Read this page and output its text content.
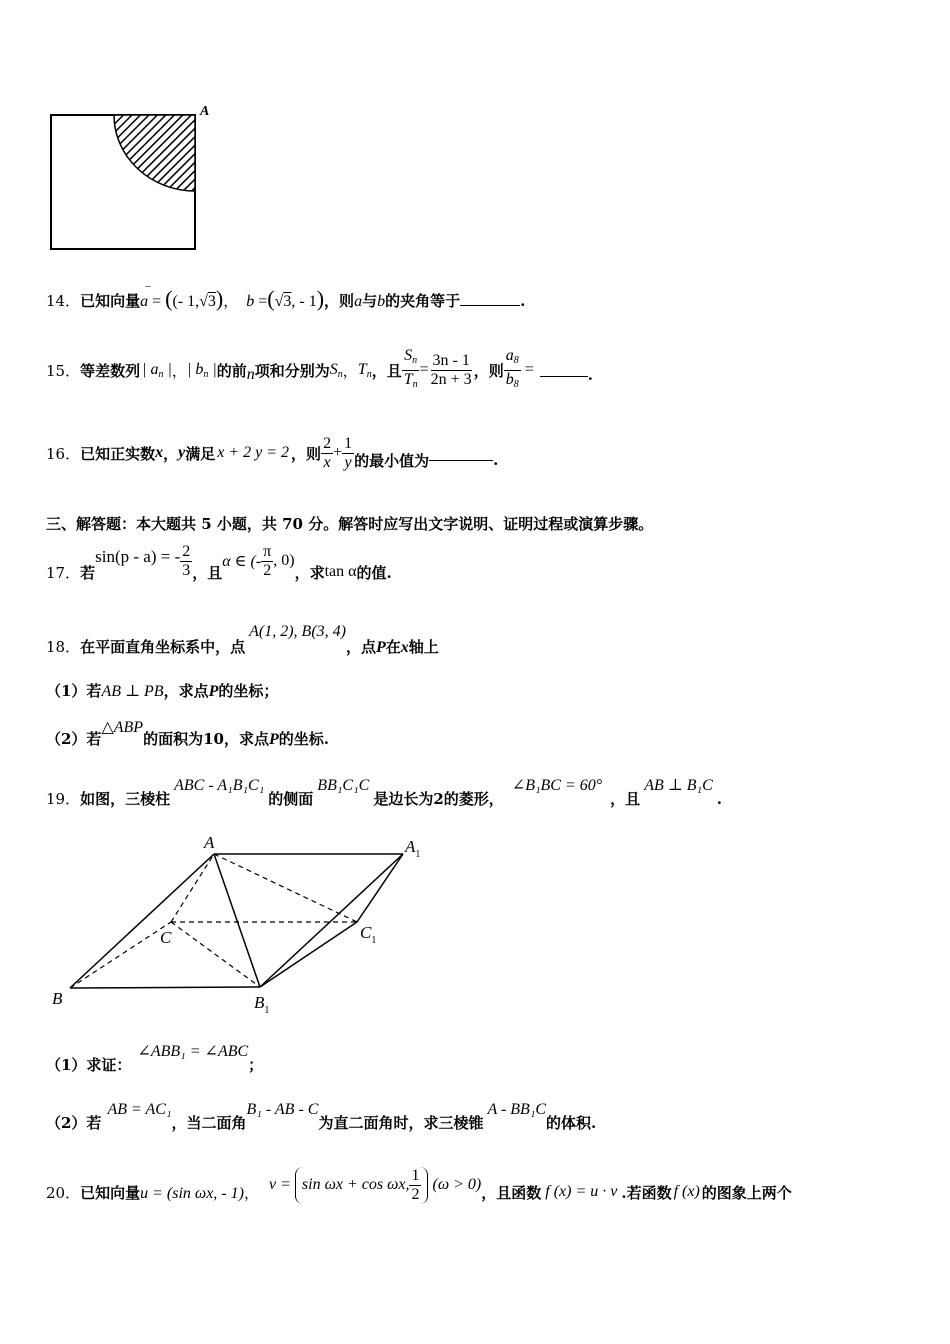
A
14．已知向量
−
a = ((- 1,√3)， b =(√3, - 1)，则a与b的夹角等于	.
15． 等差数列 | $a_n$ | ， | $b_n$ | 的前 n 项和分别为 $S_n$ ， $T_n$ ，且 $\frac{S_n}{T_n} = \frac{3n - 1}{2n + 3}$ ，则 $\frac{a_8}{b_8}$ =	.
16． 已知正实数 x ， y 满足 x + 2 y = 2 ，则 $\frac{2}{x} + \frac{1}{y}$ 的最小值为	.
三、解答题：本大题共 5 小题，共 70 分。解答时应写出文字说明、证明过程或演算步骤。
17． 若
sin(p - a) = - $\frac{2}{3}$ ，且
α ∈ (- $\frac{\pi}{2}$ , 0)
，求 tan α 的值.
18．在平面直角坐标系中，点A(1, 2), B(3, 4)，点P在x轴上
（1）若AB ⊥ PB，求点P的坐标；
（2）若△ABP的面积为10，求点P的坐标.
19．如图，三棱柱ABC - A₁B₁C₁的侧面BB₁C₁C是边长为2的菱形，∠B₁BC = 60°，且AB ⊥ B₁C.
A	$A_1$
C	$C_1$
B	$B_1$
（1）求证：∠ABB₁ = ∠ABC；
（2）若AB = AC₁，当二面角B₁ - AB - C为直二面角时，求三棱锥A - BB₁C的体积.
20． 已知向量 u = (sin ωx, - 1) ， v = sin ωx + cos ωx, $\frac{1}{2} (\omega > 0)$ ，且函数 f (x) = u · v .若函数 f (x) 的图象上两个
